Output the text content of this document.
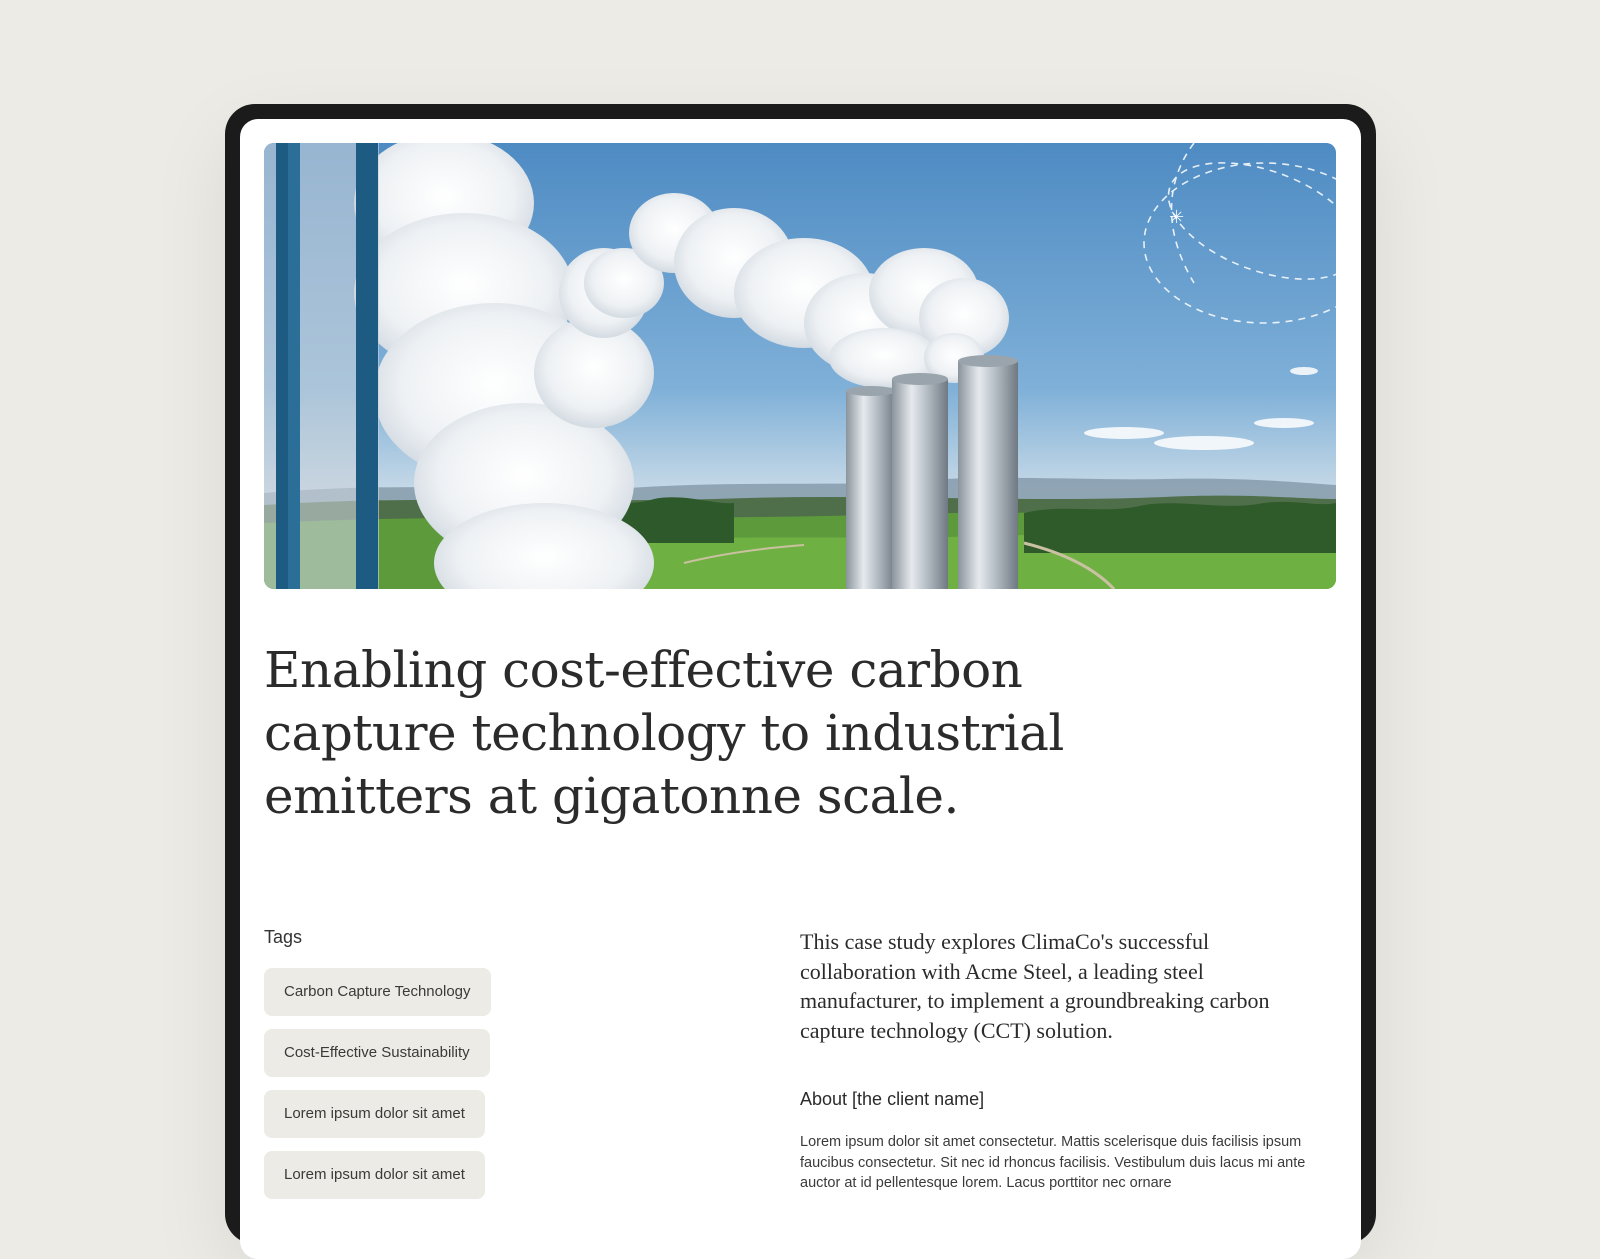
✳
Enabling cost-effective carbon capture technology to industrial emitters at gigatonne scale.
Tags
Carbon Capture Technology
Cost-Effective Sustainability
Lorem ipsum dolor sit amet
Lorem ipsum dolor sit amet

This case study explores ClimaCo's successful collaboration with Acme Steel, a leading steel manufacturer, to implement a groundbreaking carbon capture technology (CCT) solution.

About [the client name]

Lorem ipsum dolor sit amet consectetur. Mattis scelerisque duis facilisis ipsum faucibus consectetur. Sit nec id rhoncus facilisis. Vestibulum duis lacus mi ante auctor at id pellentesque lorem. Lacus porttitor nec ornare
